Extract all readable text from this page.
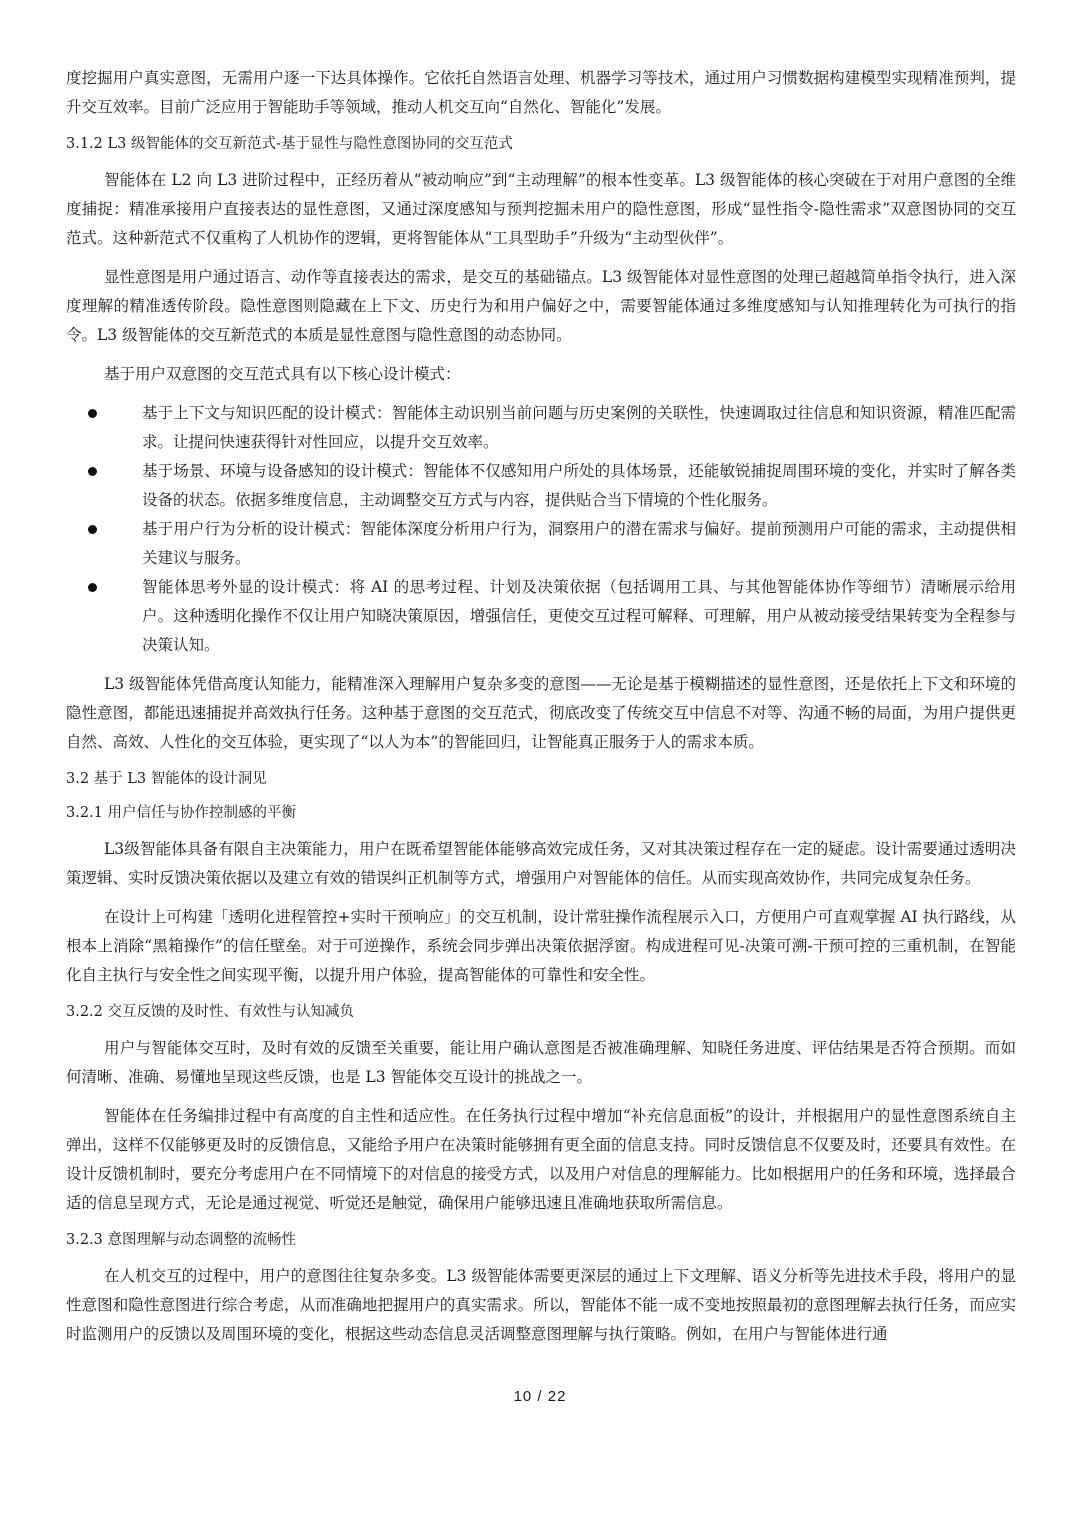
度挖掘用户真实意图，无需用户逐一下达具体操作。它依托自然语言处理、机器学习等技术，通过用户习惯数据构建模型实现精准预判，提升交互效率。目前广泛应用于智能助手等领域，推动人机交互向“自然化、智能化”发展。

3.1.2 L3 级智能体的交互新范式-基于显性与隐性意图协同的交互范式

智能体在 L2 向 L3 进阶过程中，正经历着从“被动响应”到“主动理解”的根本性变革。L3 级智能体的核心突破在于对用户意图的全维度捕捉：精准承接用户直接表达的显性意图，又通过深度感知与预判挖掘未用户的隐性意图，形成“显性指令-隐性需求”双意图协同的交互范式。这种新范式不仅重构了人机协作的逻辑，更将智能体从“工具型助手”升级为“主动型伙伴”。

显性意图是用户通过语言、动作等直接表达的需求，是交互的基础锚点。L3 级智能体对显性意图的处理已超越简单指令执行，进入深度理解的精准透传阶段。隐性意图则隐藏在上下文、历史行为和用户偏好之中，需要智能体通过多维度感知与认知推理转化为可执行的指令。L3 级智能体的交互新范式的本质是显性意图与隐性意图的动态协同。

基于用户双意图的交互范式具有以下核心设计模式：

基于上下文与知识匹配的设计模式：智能体主动识别当前问题与历史案例的关联性，快速调取过往信息和知识资源，精准匹配需求。让提问快速获得针对性回应，以提升交互效率。
基于场景、环境与设备感知的设计模式：智能体不仅感知用户所处的具体场景，还能敏锐捕捉周围环境的变化，并实时了解各类设备的状态。依据多维度信息，主动调整交互方式与内容，提供贴合当下情境的个性化服务。
基于用户行为分析的设计模式：智能体深度分析用户行为，洞察用户的潜在需求与偏好。提前预测用户可能的需求，主动提供相关建议与服务。
智能体思考外显的设计模式：将 AI 的思考过程、计划及决策依据（包括调用工具、与其他智能体协作等细节）清晰展示给用户。这种透明化操作不仅让用户知晓决策原因，增强信任，更使交互过程可解释、可理解，用户从被动接受结果转变为全程参与决策认知。

L3 级智能体凭借高度认知能力，能精准深入理解用户复杂多变的意图——无论是基于模糊描述的显性意图，还是依托上下文和环境的隐性意图，都能迅速捕捉并高效执行任务。这种基于意图的交互范式，彻底改变了传统交互中信息不对等、沟通不畅的局面，为用户提供更自然、高效、人性化的交互体验，更实现了“以人为本”的智能回归，让智能真正服务于人的需求本质。

3.2 基于 L3 智能体的设计洞见
3.2.1 用户信任与协作控制感的平衡

L3级智能体具备有限自主决策能力，用户在既希望智能体能够高效完成任务，又对其决策过程存在一定的疑虑。设计需要通过透明决策逻辑、实时反馈决策依据以及建立有效的错误纠正机制等方式，增强用户对智能体的信任。从而实现高效协作，共同完成复杂任务。

在设计上可构建「透明化进程管控+实时干预响应」的交互机制，设计常驻操作流程展示入口，方便用户可直观掌握 AI 执行路线，从根本上消除“黑箱操作”的信任壁垒。对于可逆操作，系统会同步弹出决策依据浮窗。构成进程可见-决策可溯-干预可控的三重机制，在智能化自主执行与安全性之间实现平衡，以提升用户体验，提高智能体的可靠性和安全性。

3.2.2 交互反馈的及时性、有效性与认知减负

用户与智能体交互时，及时有效的反馈至关重要，能让用户确认意图是否被准确理解、知晓任务进度、评估结果是否符合预期。而如何清晰、准确、易懂地呈现这些反馈，也是 L3 智能体交互设计的挑战之一。

智能体在任务编排过程中有高度的自主性和适应性。在任务执行过程中增加“补充信息面板”的设计，并根据用户的显性意图系统自主弹出，这样不仅能够更及时的反馈信息，又能给予用户在决策时能够拥有更全面的信息支持。同时反馈信息不仅要及时，还要具有效性。在设计反馈机制时，要充分考虑用户在不同情境下的对信息的接受方式，以及用户对信息的理解能力。比如根据用户的任务和环境，选择最合适的信息呈现方式，无论是通过视觉、听觉还是触觉，确保用户能够迅速且准确地获取所需信息。

3.2.3 意图理解与动态调整的流畅性

在人机交互的过程中，用户的意图往往复杂多变。L3 级智能体需要更深层的通过上下文理解、语义分析等先进技术手段，将用户的显性意图和隐性意图进行综合考虑，从而准确地把握用户的真实需求。所以，智能体不能一成不变地按照最初的意图理解去执行任务，而应实时监测用户的反馈以及周围环境的变化，根据这些动态信息灵活调整意图理解与执行策略。例如，在用户与智能体进行通

10 / 22
